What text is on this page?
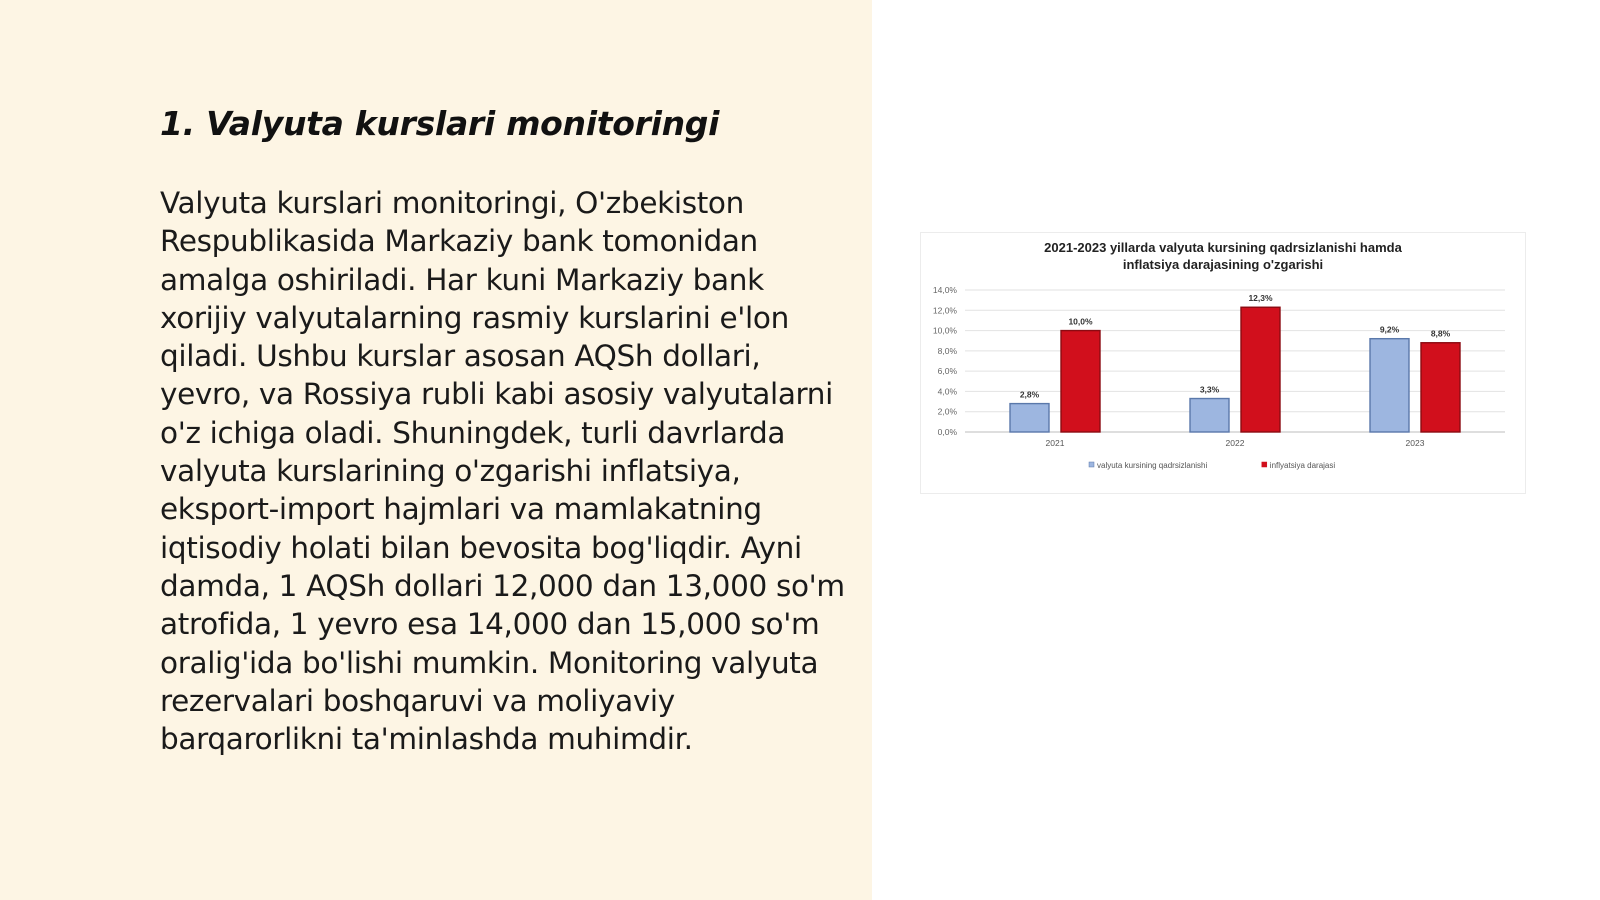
1. Valyuta kurslari monitoringi

Valyuta kurslari monitoringi, O'zbekiston Respublikasida Markaziy bank tomonidan amalga oshiriladi. Har kuni Markaziy bank xorijiy valyutalarning rasmiy kurslarini e'lon qiladi. Ushbu kurslar asosan AQSh dollari, yevro, va Rossiya rubli kabi asosiy valyutalarni o'z ichiga oladi. Shuningdek, turli davrlarda valyuta kurslarining o'zgarishi inflatsiya, eksport-import hajmlari va mamlakatning iqtisodiy holati bilan bevosita bog'liqdir. Ayni damda, 1 AQSh dollari 12,000 dan 13,000 so'm atrofida, 1 yevro esa 14,000 dan 15,000 so'm oralig'ida bo'lishi mumkin. Monitoring valyuta rezervalari boshqaruvi va moliyaviy barqarorlikni ta'minlashda muhimdir.

2021-2023 yillarda valyuta kursining qadrsizlanishi hamda
inflatsiya darajasining o'zgarishi
0,0%
2,0%
4,0%
6,0%
8,0%
10,0%
12,0%
14,0%
2,8%
10,0%
2021
3,3%
12,3%
2022
9,2%	8,8%
2023
valyuta kursining qadrsizlanishi	inflyatsiya darajasi
